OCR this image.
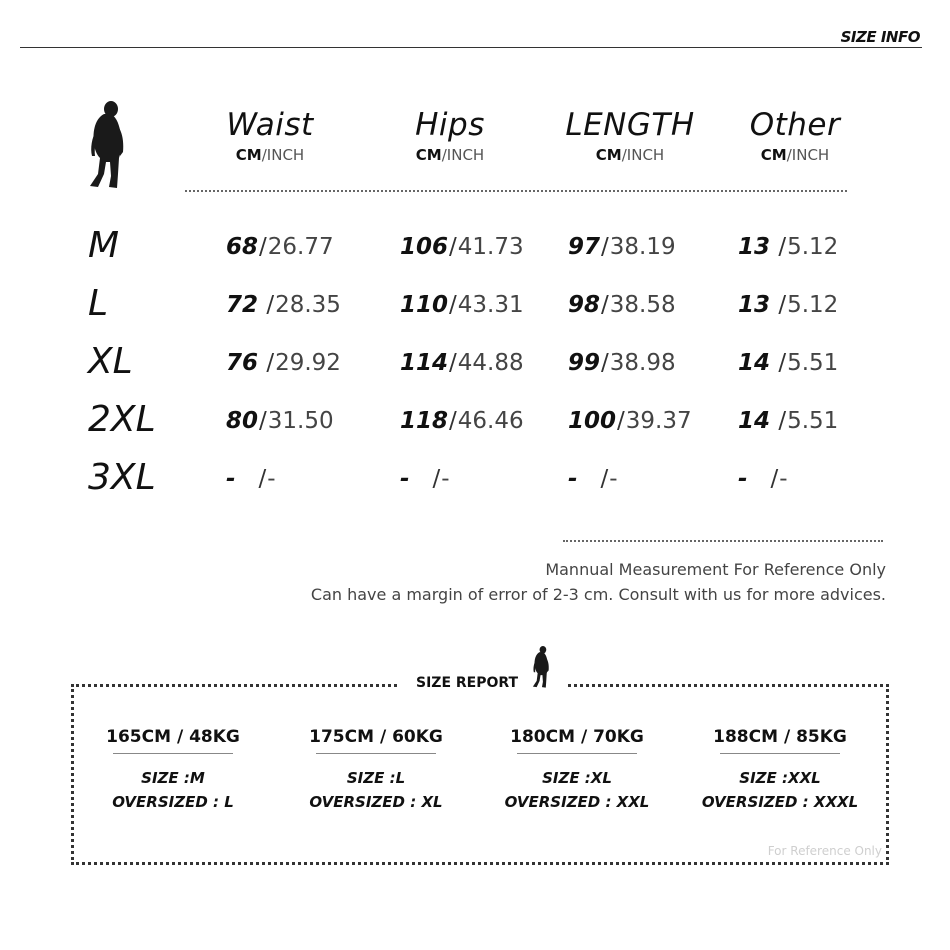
SIZE INFO
Waist
CM/INCH
Hips
CM/INCH
LENGTH
CM/INCH
Other
CM/INCH
M	68/26.77	106/41.73 97/38.19	13 /5.12
L	72 /28.35	110/43.31 98/38.58	13 /5.12
XL	76 /29.92	114/44.88 99/38.98	14 /5.51
2XL	80/31.50	118/46.46 100/39.37 14 /5.51
3XL	-   /-	-   /-	-   /-	-   /-
Mannual Measurement For Reference Only
Can have a margin of error of 2-3 cm. Consult with us for more advices.
SIZE REPORT
165CM / 48KG
SIZE :M
OVERSIZED : L
175CM / 60KG
SIZE :L
OVERSIZED : XL
180CM / 70KG
SIZE :XL
OVERSIZED : XXL
188CM / 85KG
SIZE :XXL
OVERSIZED : XXXL
For Reference Only
